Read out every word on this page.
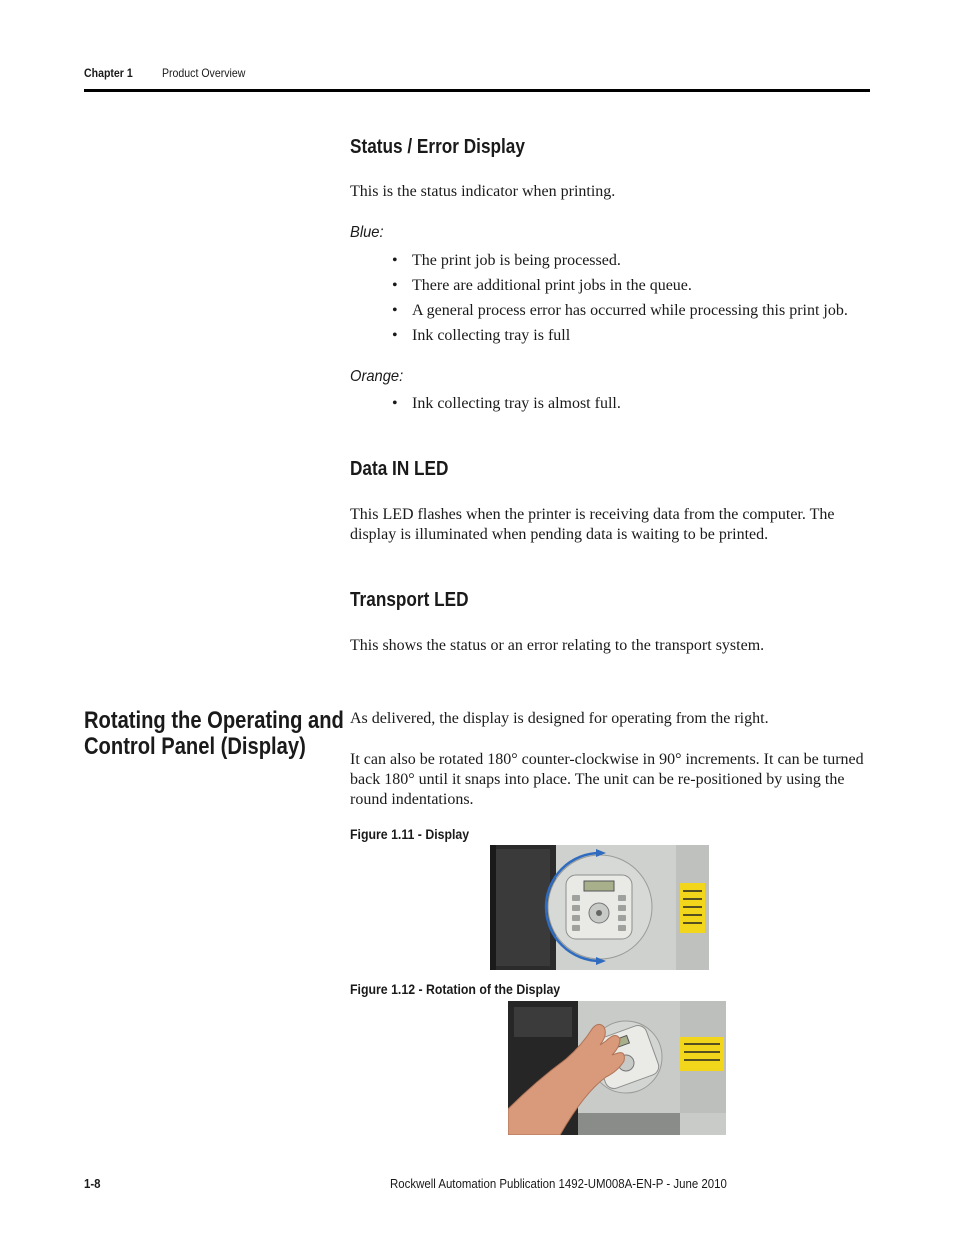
Chapter 1 Product Overview
Status / Error Display
This is the status indicator when printing.
Blue:
• The print job is being processed.
• There are additional print jobs in the queue.
• A general process error has occurred while processing this print job.
• Ink collecting tray is full
Orange:
• Ink collecting tray is almost full.
Data IN LED
This LED flashes when the printer is receiving data from the computer. The display is illuminated when pending data is waiting to be printed.
Transport LED
This shows the status or an error relating to the transport system.
Rotating the Operating and
Control Panel (Display)
As delivered, the display is designed for operating from the right.
It can also be rotated 180° counter-clockwise in 90° increments. It can be turned back 180° until it snaps into place. The unit can be re-positioned by using the round indentations.
Figure 1.11 - Display
Figure 1.12 - Rotation of the Display
1-8	Rockwell Automation Publication 1492-UM008A-EN-P - June 2010
